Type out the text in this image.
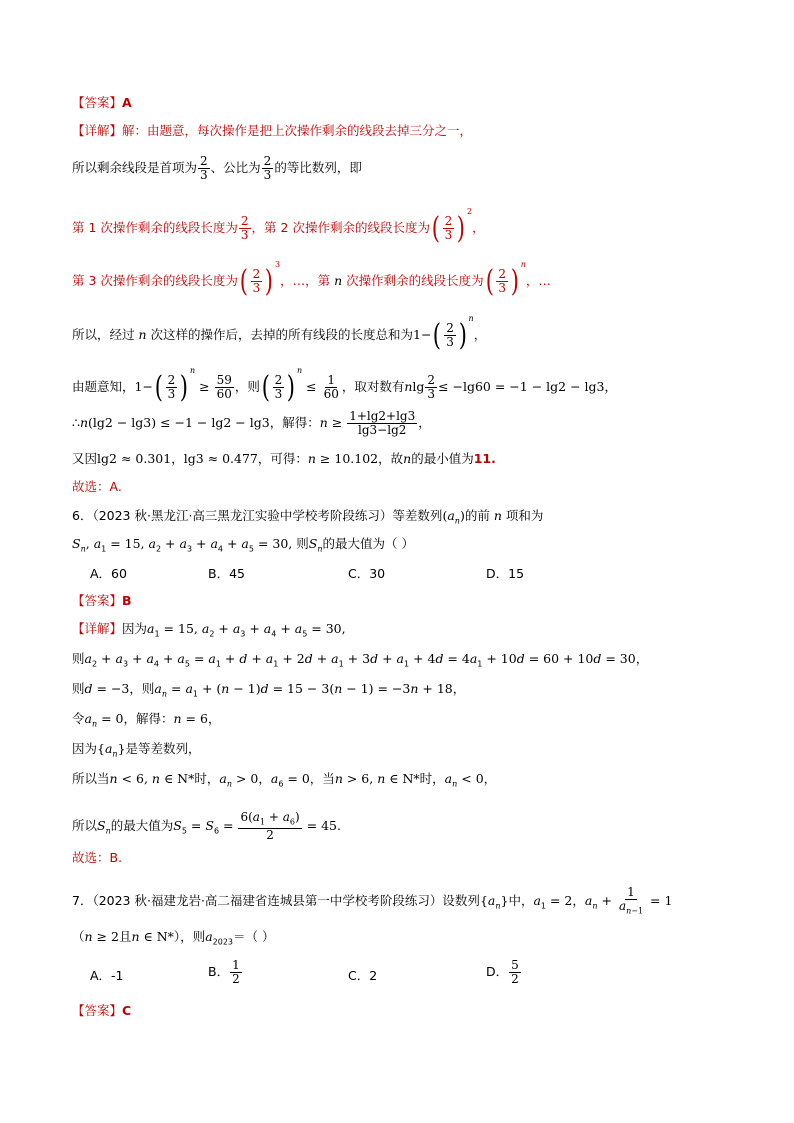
【答案】A
【详解】解：由题意，每次操作是把上次操作剩余的线段去掉三分之一，
所以剩余线段是首项为 $\frac{2}{3}$ 、公比为 $\frac{2}{3}$ 的等比数列，即
第 1 次操作剩余的线段长度为 $\frac{2}{3}$ ，第 2 次操作剩余的线段长度为 ( $\frac{2}{3}$ ) $^2$，
第 3 次操作剩余的线段长度为 ( $\frac{2}{3}$ ) $^3$，…，第 n 次操作剩余的线段长度为 ( $\frac{2}{3}$ ) $^n$，…
所以，经过 n 次这样的操作后，去掉的所有线段的长度总和为1− ( $\frac{2}{3}$ ) $^n$，
由题意知，1− ( $\frac{2}{3}$ ) $^n \ge \frac{59}{60}$ ，则 ( $\frac{2}{3}$ ) $^n \le \frac{1}{60}$ ，取对数有nlg $\frac{2}{3} \le -\lg 60 = -1 - \lg 2 - \lg 3$，
∴n(lg2 − lg3) ≤ −1 − lg2 − lg3，解得：$n \ge \frac{1+\lg 2+\lg 3}{\lg 3-\lg 2}$ ，
又因lg2 ≈ 0.301，lg3 ≈ 0.477，可得：n ≥ 10.102，故n的最小值为11.
故选：A.
6．（2023 秋·黑龙江·高三黑龙江实验中学校考阶段练习）等差数列$(a_n)$的前 n 项和为
$S_n$, $a_1 = 15$, $a_2 + a_3 + a_4 + a_5 = 30$, 则$S_n$的最大值为（ ）
A．60	B．45	C．30	D．15
【答案】B
【详解】因为$a_1 = 15$, $a_2 + a_3 + a_4 + a_5 = 30$,
则$a_2 + a_3 + a_4 + a_5 = a_1 + d + a_1 + 2d + a_1 + 3d + a_1 + 4d = 4a_1 + 10d = 60 + 10d = 30$，
则d = −3，则$a_n = a_1 + (n - 1)d = 15 - 3(n - 1) = -3n + 18$，
令$a_n = 0$，解得：n = 6，
因为$\{a_n\}$是等差数列，
所以当n < 6, n ∈ N*时，$a_n > 0$，$a_6 = 0$，当n > 6, n ∈ N*时，$a_n < 0$，
所以$S_n$的最大值为$S_5 = S_6 = \frac{6(a_1 + a_6)}{2} = 45$.
故选：B.
7．（2023 秋·福建龙岩·高二福建省连城县第一中学校考阶段练习）设数列$\{a_n\}$中，$a_1 = 2$，$a_n + \frac{1}{a_{n-1}} = 1$
（n ≥ 2且n ∈ N*），则$a_{2023}=$（ ）
A．-1	B． $\frac{1}{2}$	C．2	D． $\frac{5}{2}$
【答案】C
